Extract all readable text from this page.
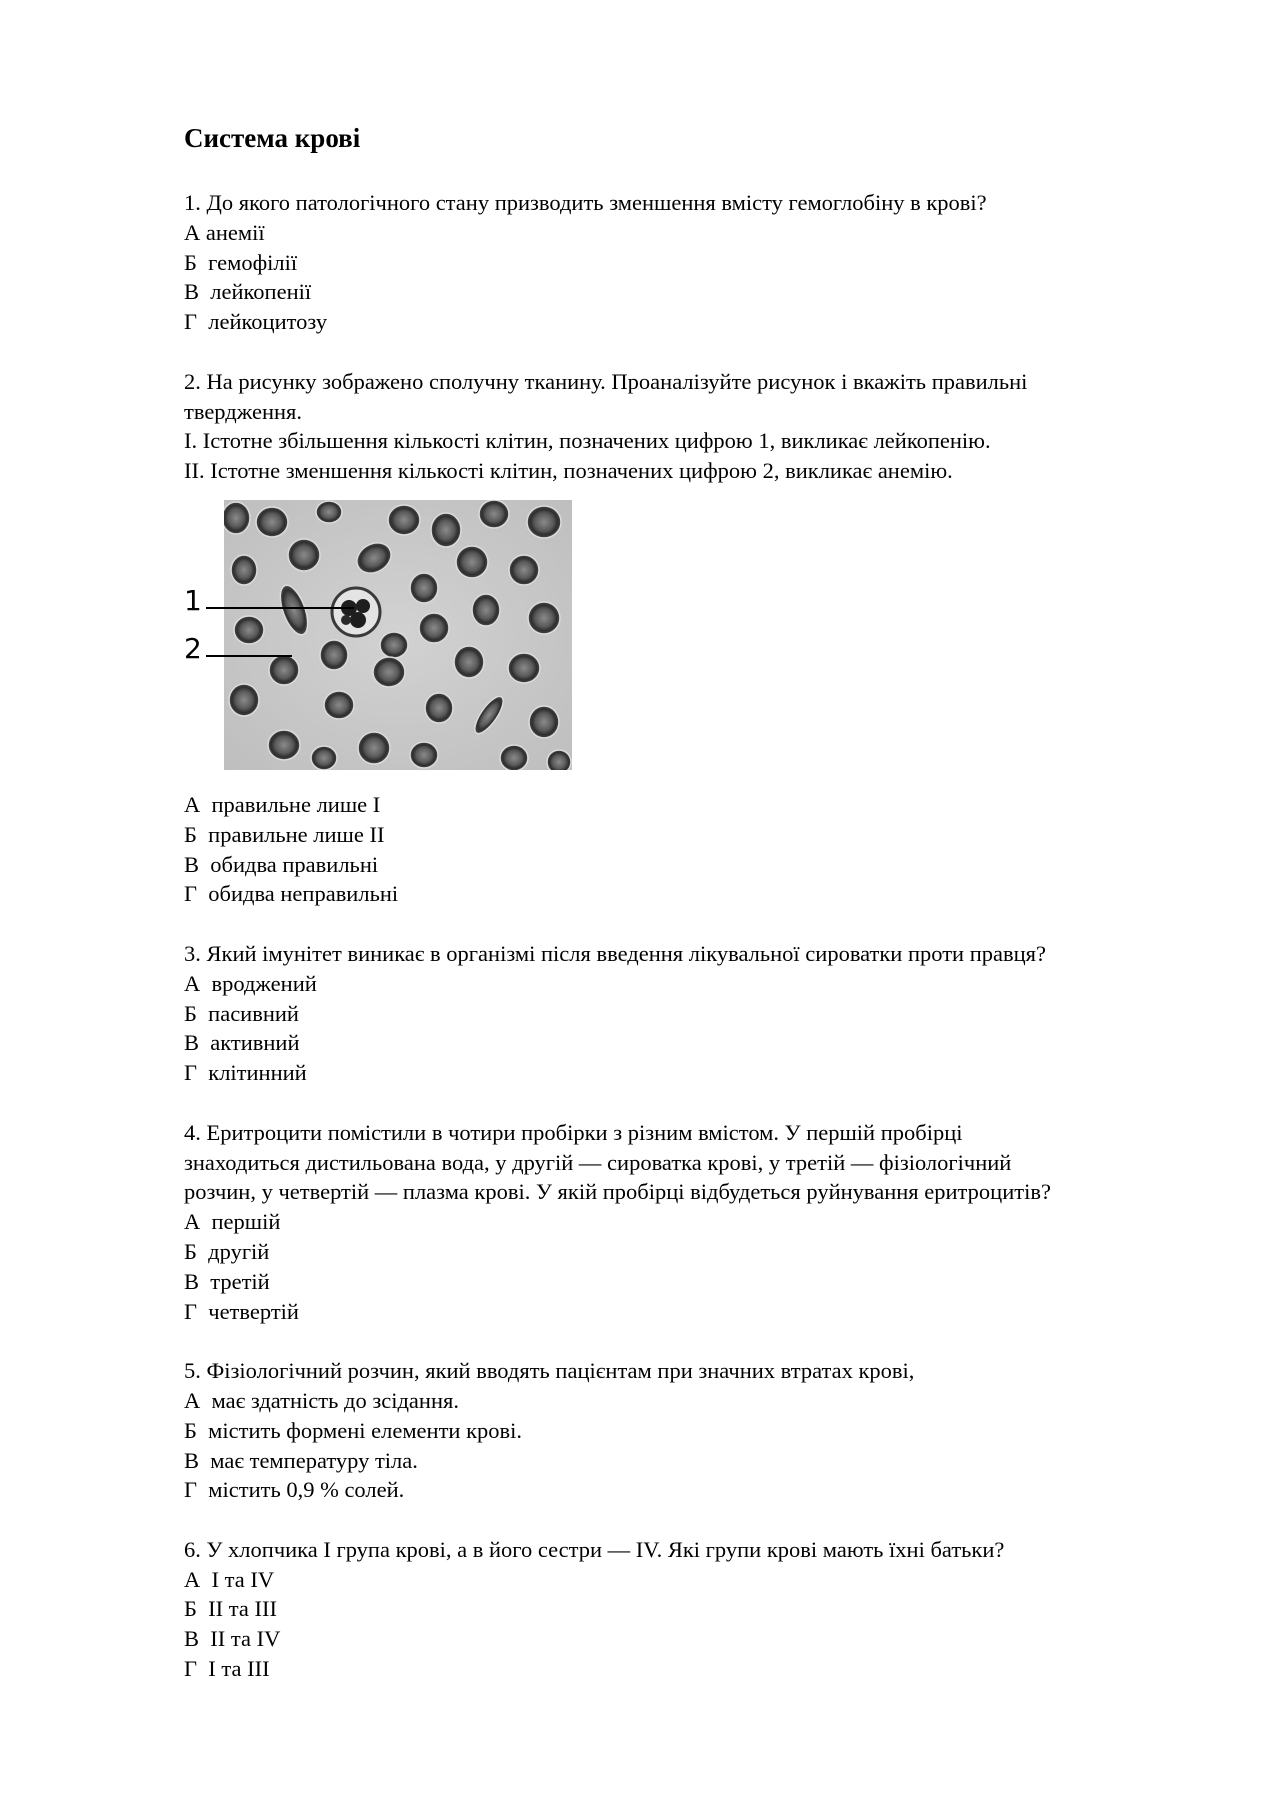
Система крові
1. До якого патологічного стану призводить зменшення вмісту гемоглобіну в крові?
А анемії
Б  гемофілії
В  лейкопенії
Г  лейкоцитозу
2. На рисунку зображено сполучну тканину. Проаналізуйте рисунок і вкажіть правильні
твердження.
І. Істотне збільшення кількості клітин, позначених цифрою 1, викликає лейкопенію.
ІІ. Істотне зменшення кількості клітин, позначених цифрою 2, викликає анемію.
1
2
А  правильне лише І
Б  правильне лише ІІ
В  обидва правильні
Г  обидва неправильні
3. Який імунітет виникає в організмі після введення лікувальної сироватки проти правця?
А  вроджений
Б  пасивний
В  активний
Г  клітинний
4. Еритроцити помістили в чотири пробірки з різним вмістом. У першій пробірці
знаходиться дистильована вода, у другій — сироватка крові, у третій — фізіологічний
розчин, у четвертій — плазма крові. У якій пробірці відбудеться руйнування еритроцитів?
А  першій
Б  другій
В  третій
Г  четвертій
5. Фізіологічний розчин, який вводять пацієнтам при значних втратах крові,
А  має здатність до зсідання.
Б  містить формені елементи крові.
В  має температуру тіла.
Г  містить 0,9 % солей.
6. У хлопчика І група крові, а в його сестри — IV. Які групи крові мають їхні батьки?
А  І та IV
Б  ІІ та ІІІ
В  ІІ та IV
Г  І та ІІІ
